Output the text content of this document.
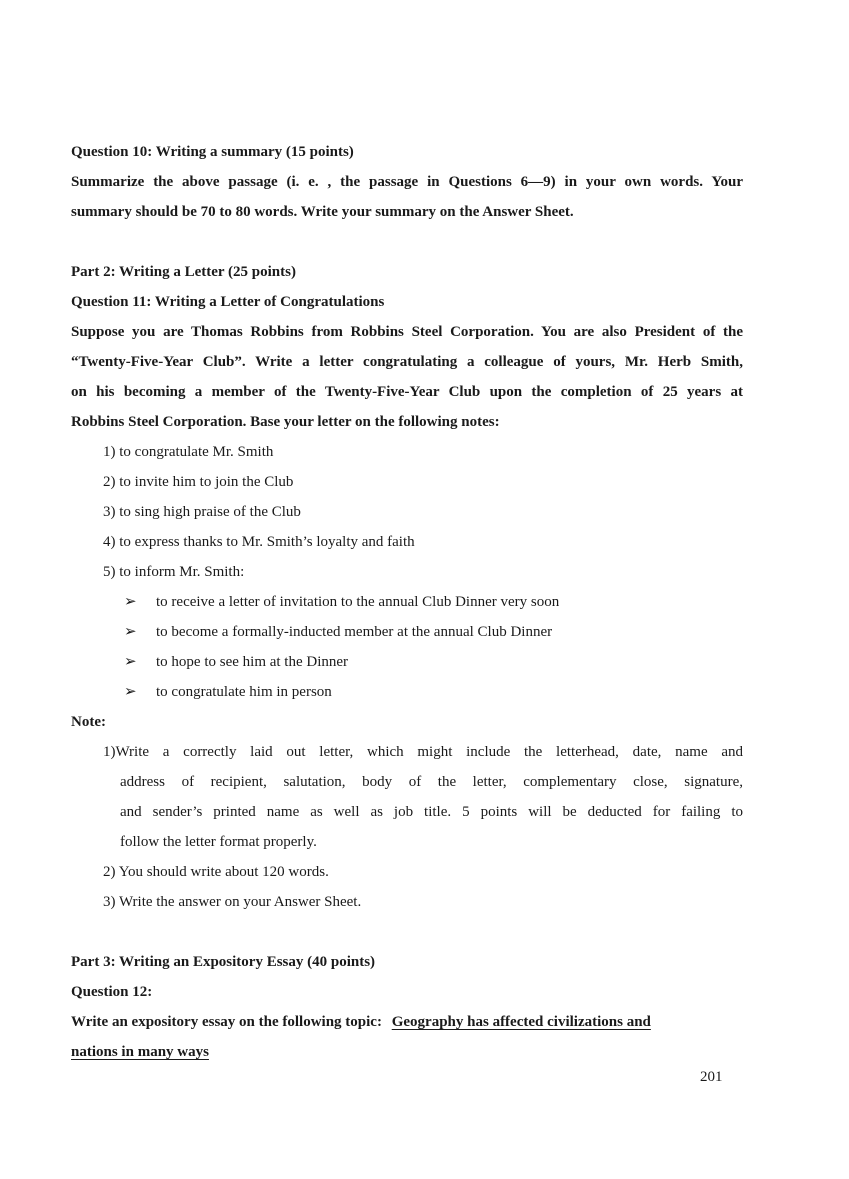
Question 10: Writing a summary (15 points)
Summarize the above passage (i. e. , the passage in Questions 6—9) in your own words. Your
summary should be 70 to 80 words. Write your summary on the Answer Sheet.
Part 2: Writing a Letter (25 points)
Question 11: Writing a Letter of Congratulations
Suppose you are Thomas Robbins from Robbins Steel Corporation. You are also President of the
“Twenty-Five-Year Club”. Write a letter congratulating a colleague of yours, Mr. Herb Smith,
on his becoming a member of the Twenty-Five-Year Club upon the completion of 25 years at
Robbins Steel Corporation. Base your letter on the following notes:
1) to congratulate Mr. Smith
2) to invite him to join the Club
3) to sing high praise of the Club
4) to express thanks to Mr. Smith’s loyalty and faith
5) to inform Mr. Smith:
➢ to receive a letter of invitation to the annual Club Dinner very soon
➢ to become a formally-inducted member at the annual Club Dinner
➢ to hope to see him at the Dinner
➢ to congratulate him in person
Note:
1)Write a correctly laid out letter, which might include the letterhead, date, name and
address of recipient, salutation, body of the letter, complementary close, signature,
and sender’s printed name as well as job title. 5 points will be deducted for failing to
follow the letter format properly.
2) You should write about 120 words.
3) Write the answer on your Answer Sheet.
Part 3: Writing an Expository Essay (40 points)
Question 12:
Write an expository essay on the following topic: Geography has affected civilizations and
nations in many ways
201
